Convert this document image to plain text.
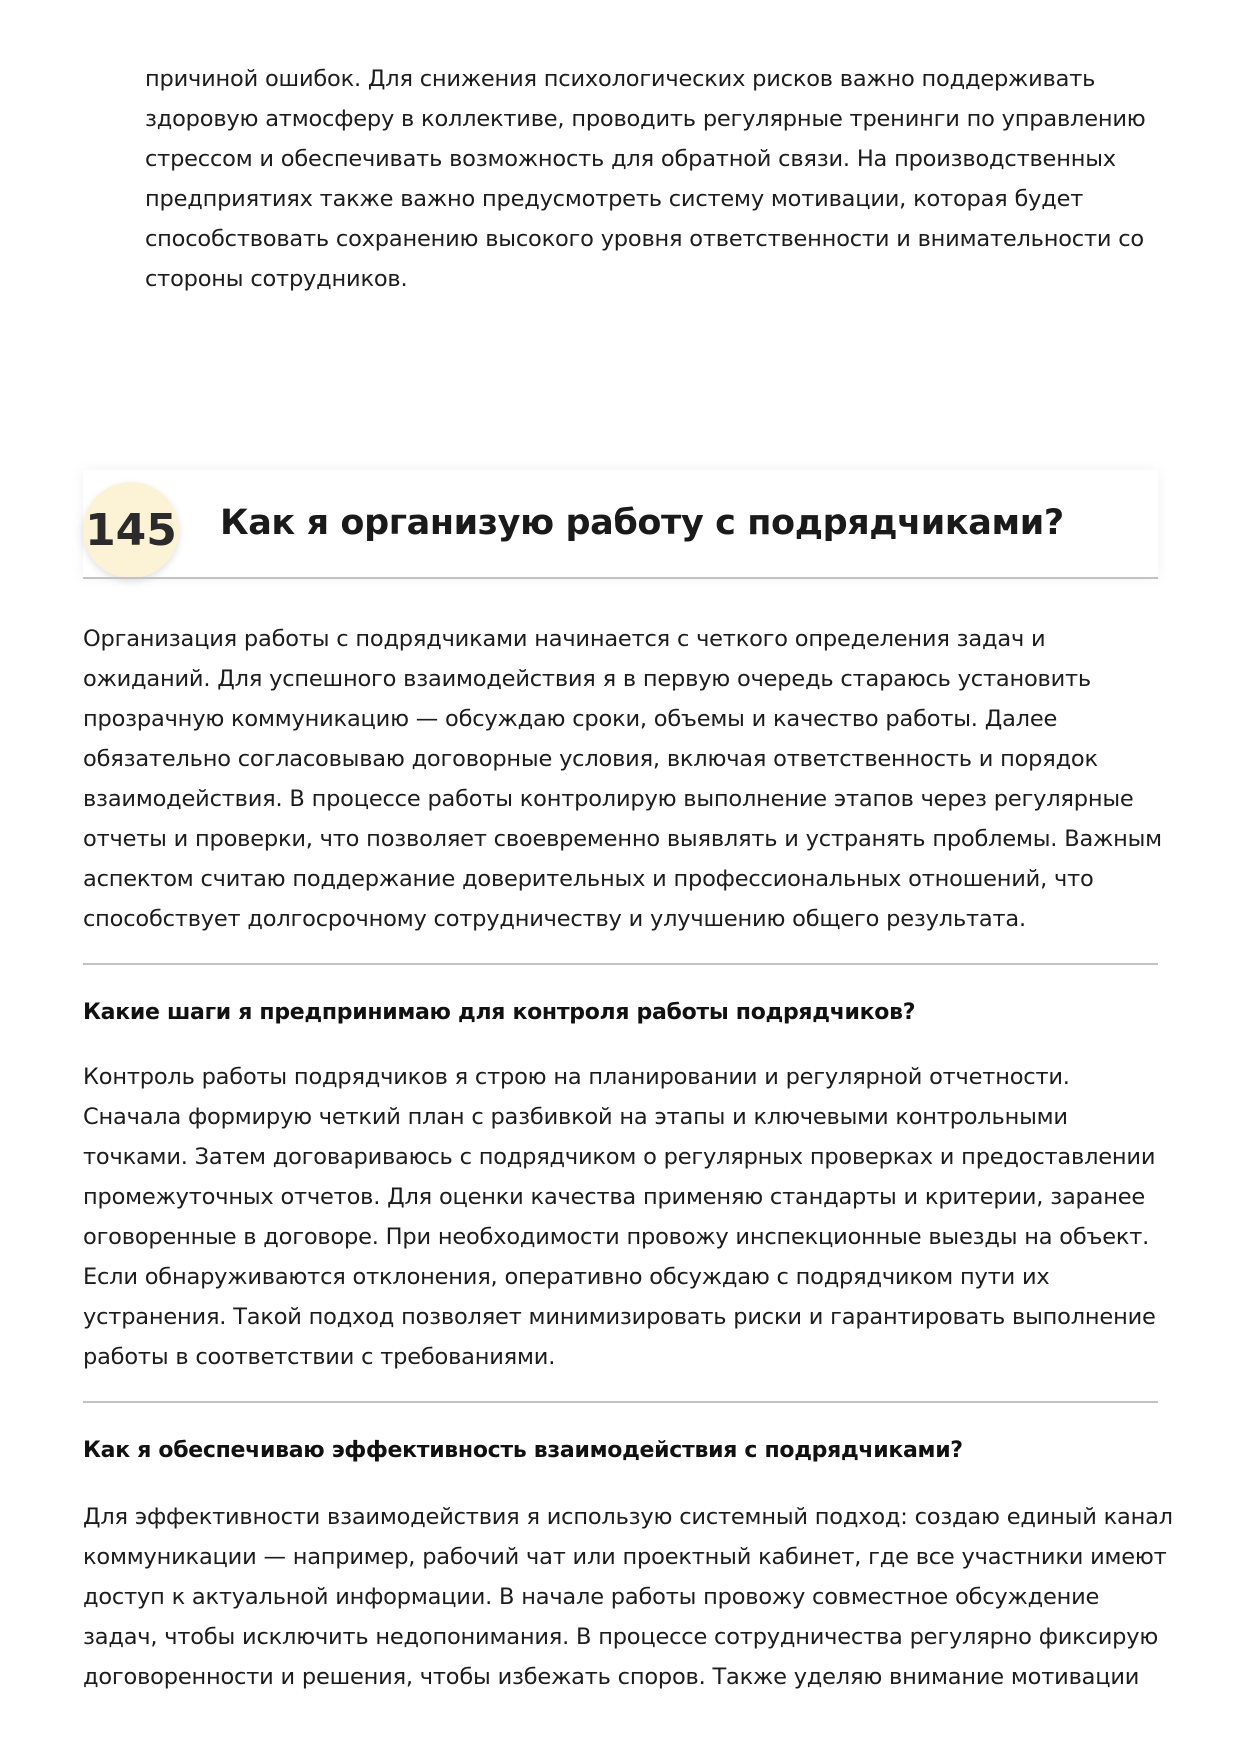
причиной ошибок. Для снижения психологических рисков важно поддерживать здоровую атмосферу в коллективе, проводить регулярные тренинги по управлению стрессом и обеспечивать возможность для обратной связи. На производственных предприятиях также важно предусмотреть систему мотивации, которая будет способствовать сохранению высокого уровня ответственности и внимательности со стороны сотрудников.

145 Как я организую работу с подрядчиками?

Организация работы с подрядчиками начинается с четкого определения задач и ожиданий. Для успешного взаимодействия я в первую очередь стараюсь установить прозрачную коммуникацию — обсуждаю сроки, объемы и качество работы. Далее обязательно согласовываю договорные условия, включая ответственность и порядок взаимодействия. В процессе работы контролирую выполнение этапов через регулярные отчеты и проверки, что позволяет своевременно выявлять и устранять проблемы. Важным аспектом считаю поддержание доверительных и профессиональных отношений, что способствует долгосрочному сотрудничеству и улучшению общего результата.

Какие шаги я предпринимаю для контроля работы подрядчиков?

Контроль работы подрядчиков я строю на планировании и регулярной отчетности. Сначала формирую четкий план с разбивкой на этапы и ключевыми контрольными точками. Затем договариваюсь с подрядчиком о регулярных проверках и предоставлении промежуточных отчетов. Для оценки качества применяю стандарты и критерии, заранее оговоренные в договоре. При необходимости провожу инспекционные выезды на объект. Если обнаруживаются отклонения, оперативно обсуждаю с подрядчиком пути их устранения. Такой подход позволяет минимизировать риски и гарантировать выполнение работы в соответствии с требованиями.

Как я обеспечиваю эффективность взаимодействия с подрядчиками?

Для эффективности взаимодействия я использую системный подход: создаю единый канал коммуникации — например, рабочий чат или проектный кабинет, где все участники имеют доступ к актуальной информации. В начале работы провожу совместное обсуждение задач, чтобы исключить недопонимания. В процессе сотрудничества регулярно фиксирую договоренности и решения, чтобы избежать споров. Также уделяю внимание мотивации
